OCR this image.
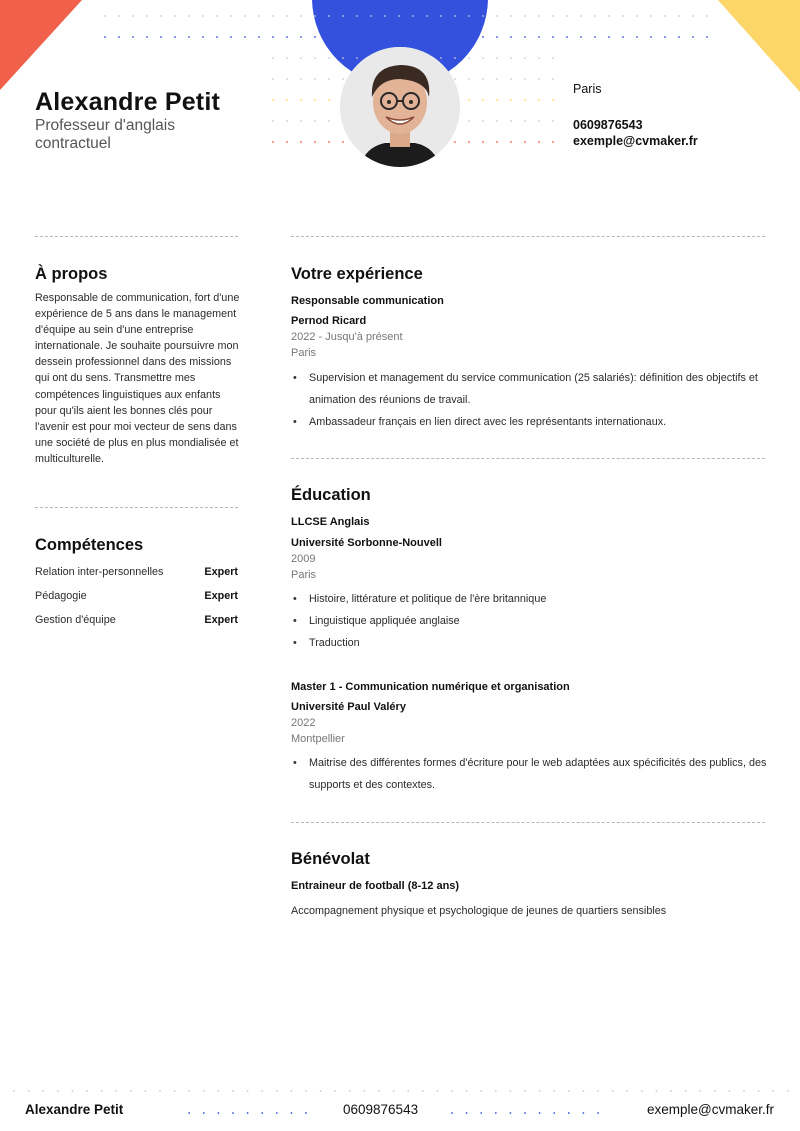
Alexandre Petit
Professeur d'anglais contractuel
Paris
0609876543
exemple@cvmaker.fr
À propos
Responsable de communication, fort d'une expérience de 5 ans dans le management d'équipe au sein d'une entreprise internationale. Je souhaite poursuivre mon dessein professionnel dans des missions qui ont du sens. Transmettre mes compétences linguistiques aux enfants pour qu'ils aient les bonnes clés pour l'avenir est pour moi vecteur de sens dans une société de plus en plus mondialisée et multiculturelle.
Compétences
Relation inter-personnelles	Expert
Pédagogie	Expert
Gestion d'équipe	Expert
Votre expérience
Responsable communication
Pernod Ricard
2022 - Jusqu'à présent
Paris
• Supervision et management du service communication (25 salariés): définition des objectifs et animation des réunions de travail.
• Ambassadeur français en lien direct avec les représentants internationaux.
Éducation
LLCSE Anglais
Université Sorbonne-Nouvell
2009
Paris
• Histoire, littérature et politique de l'ère britannique
• Linguistique appliquée anglaise
• Traduction
Master 1 - Communication numérique et organisation
Université Paul Valéry
2022
Montpellier
• Maitrise des différentes formes d'écriture pour le web adaptées aux spécificités des publics, des supports et des contextes.
Bénévolat
Entraineur de football (8-12 ans)
Accompagnement physique et psychologique de jeunes de quartiers sensibles
Alexandre Petit	0609876543	exemple@cvmaker.fr
